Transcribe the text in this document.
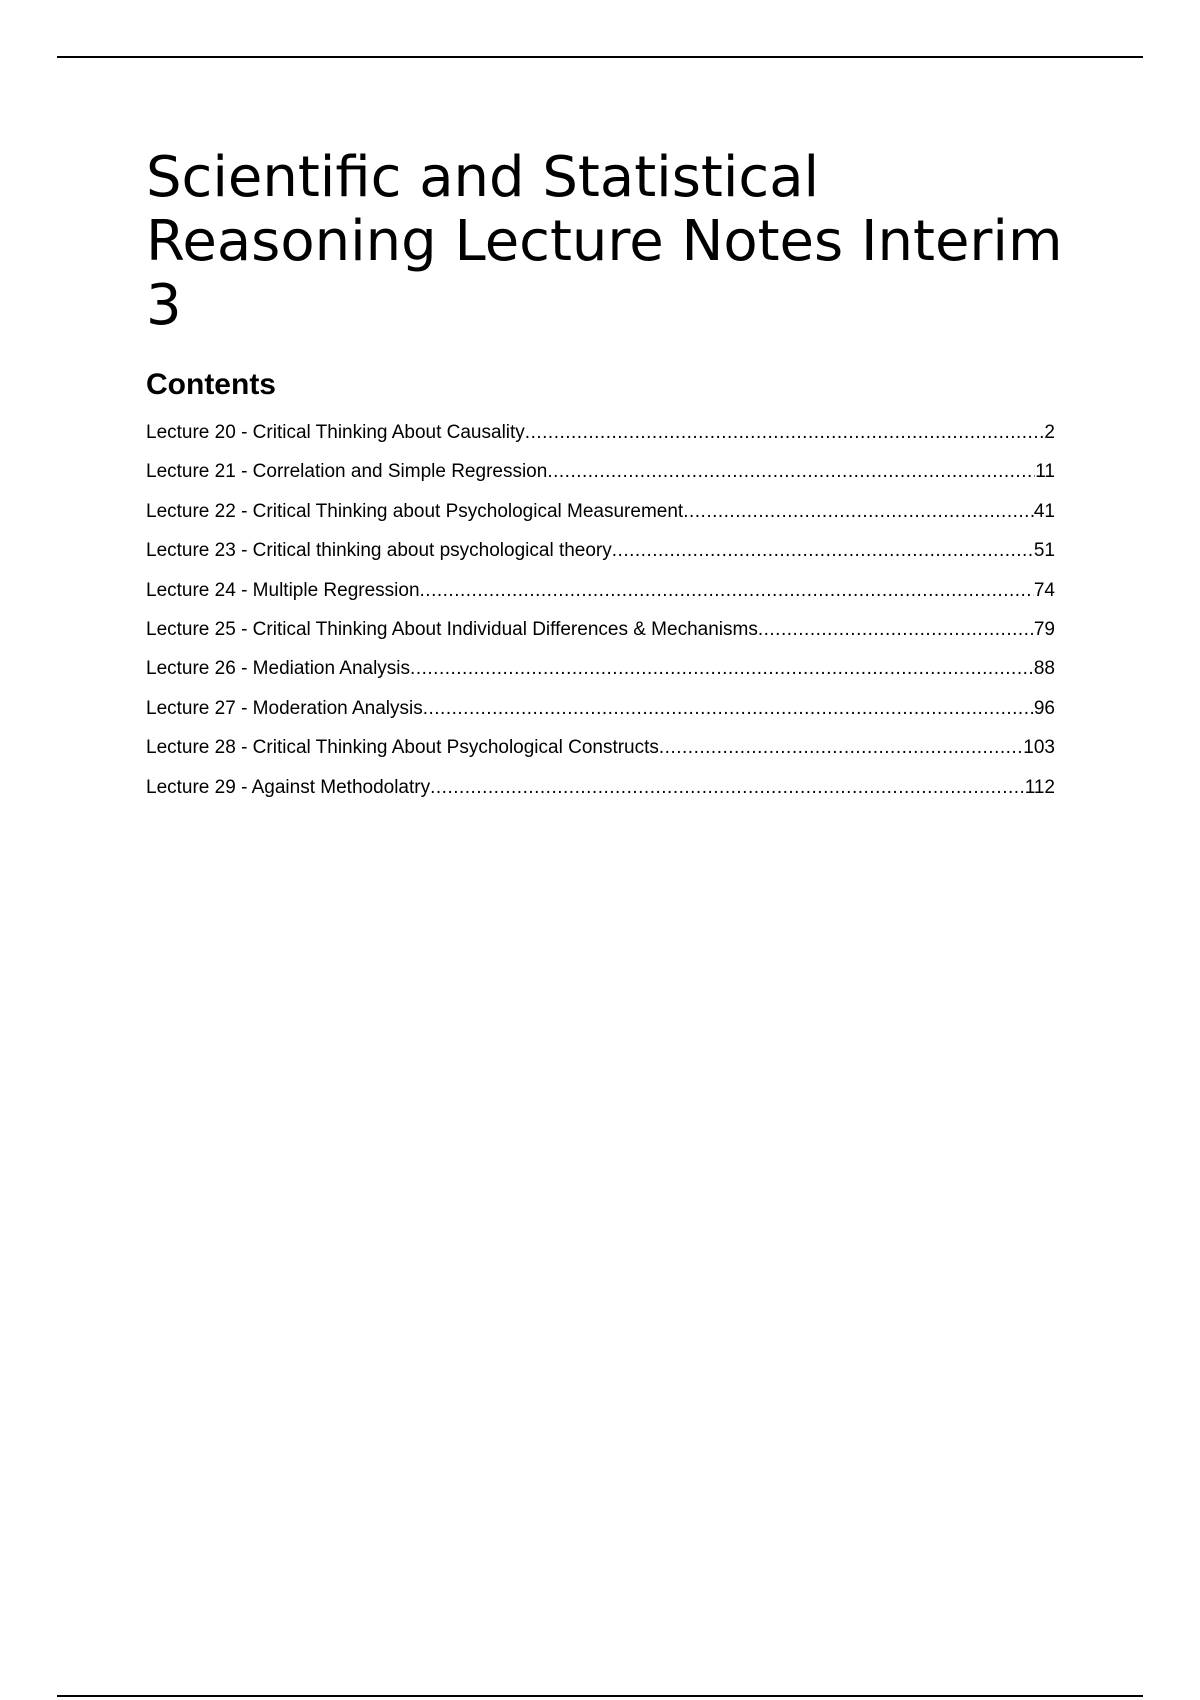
Scientific and Statistical Reasoning Lecture Notes Interim 3
Contents
Lecture 20 - Critical Thinking About Causality .....	2
Lecture 21 - Correlation and Simple Regression .....	11
Lecture 22 - Critical Thinking about Psychological Measurement .....	41
Lecture 23 - Critical thinking about psychological theory .....	51
Lecture 24 - Multiple Regression .....	74
Lecture 25 - Critical Thinking About Individual Differences & Mechanisms .....	79
Lecture 26 - Mediation Analysis .....	88
Lecture 27 - Moderation Analysis .....	96
Lecture 28 - Critical Thinking About Psychological Constructs .....	103
Lecture 29 - Against Methodolatry .....	112
